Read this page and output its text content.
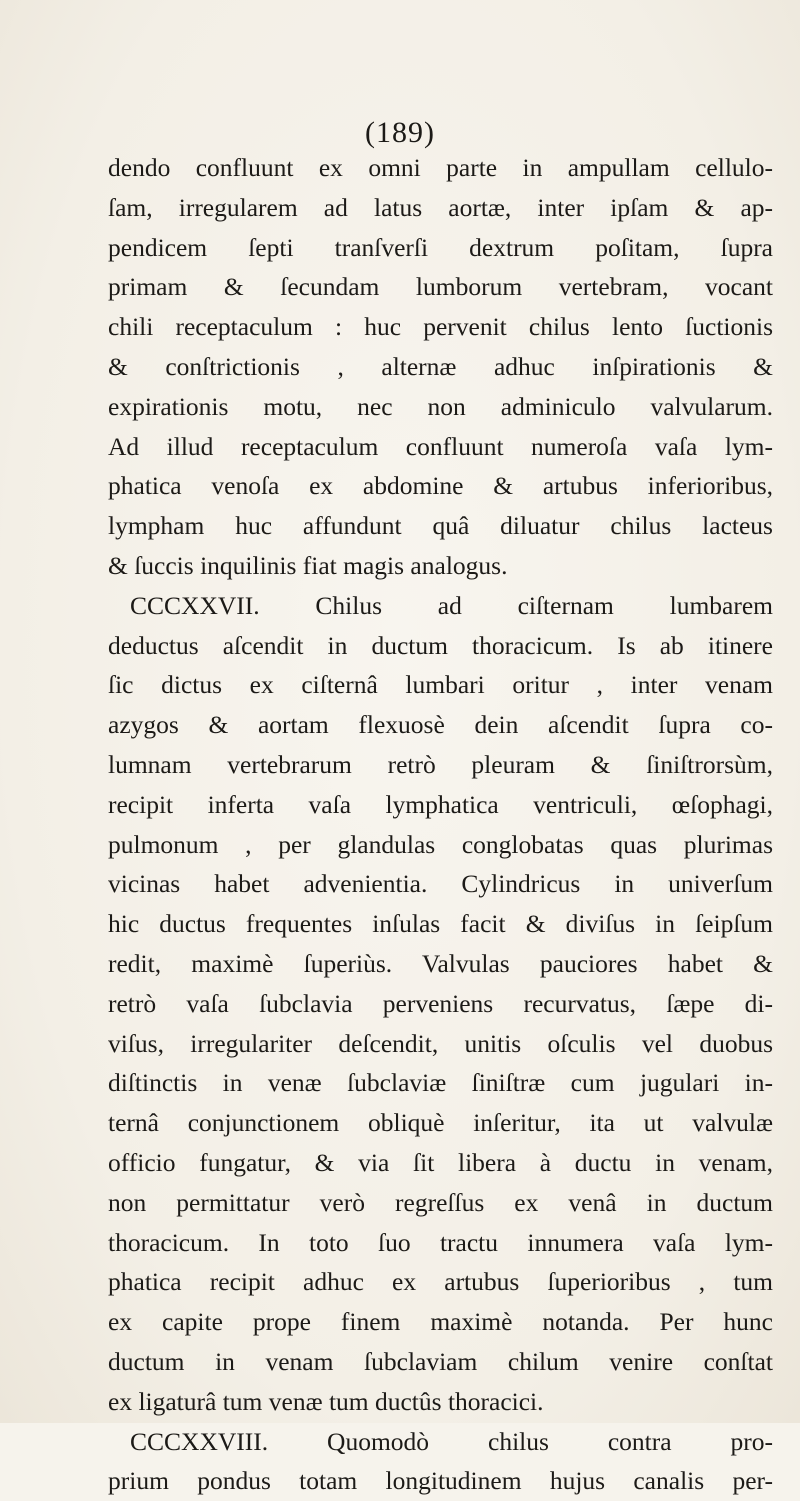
(189)
dendo confluunt ex omni parte in ampullam cellulo-
ſam, irregularem ad latus aortæ, inter ipſam & ap-
pendicem ſepti tranſverſi dextrum poſitam, ſupra
primam & ſecundam lumborum vertebram, vocant
chili receptaculum : huc pervenit chilus lento ſuctionis
& conſtrictionis , alternæ adhuc inſpirationis &
expirationis motu, nec non adminiculo valvularum.
Ad illud receptaculum confluunt numeroſa vaſa lym-
phatica venoſa ex abdomine & artubus inferioribus,
lympham huc affundunt quâ diluatur chilus lacteus
& ſuccis inquilinis fiat magis analogus.
CCCXXVII. Chilus ad ciſternam lumbarem
deductus aſcendit in ductum thoracicum. Is ab itinere
ſic dictus ex ciſternâ lumbari oritur , inter venam
azygos & aortam flexuosè dein aſcendit ſupra co-
lumnam vertebrarum retrò pleuram & ſiniſtrorsùm,
recipit inferta vaſa lymphatica ventriculi, œſophagi,
pulmonum , per glandulas conglobatas quas plurimas
vicinas habet advenientia. Cylindricus in univerſum
hic ductus frequentes inſulas facit & diviſus in ſeipſum
redit, maximè ſuperiùs. Valvulas pauciores habet &
retrò vaſa ſubclavia perveniens recurvatus, ſæpe di-
viſus, irregulariter deſcendit, unitis oſculis vel duobus
diſtinctis in venæ ſubclaviæ ſiniſtræ cum jugulari in-
ternâ conjunctionem obliquè inſeritur, ita ut valvulæ
officio fungatur, & via ſit libera à ductu in venam,
non permittatur verò regreſſus ex venâ in ductum
thoracicum. In toto ſuo tractu innumera vaſa lym-
phatica recipit adhuc ex artubus ſuperioribus , tum
ex capite prope finem maximè notanda. Per hunc
ductum in venam ſubclaviam chilum venire conſtat
ex ligaturâ tum venæ tum ductûs thoracici.
CCCXXVIII. Quomodò chilus contra pro-
prium pondus totam longitudinem hujus canalis per-
